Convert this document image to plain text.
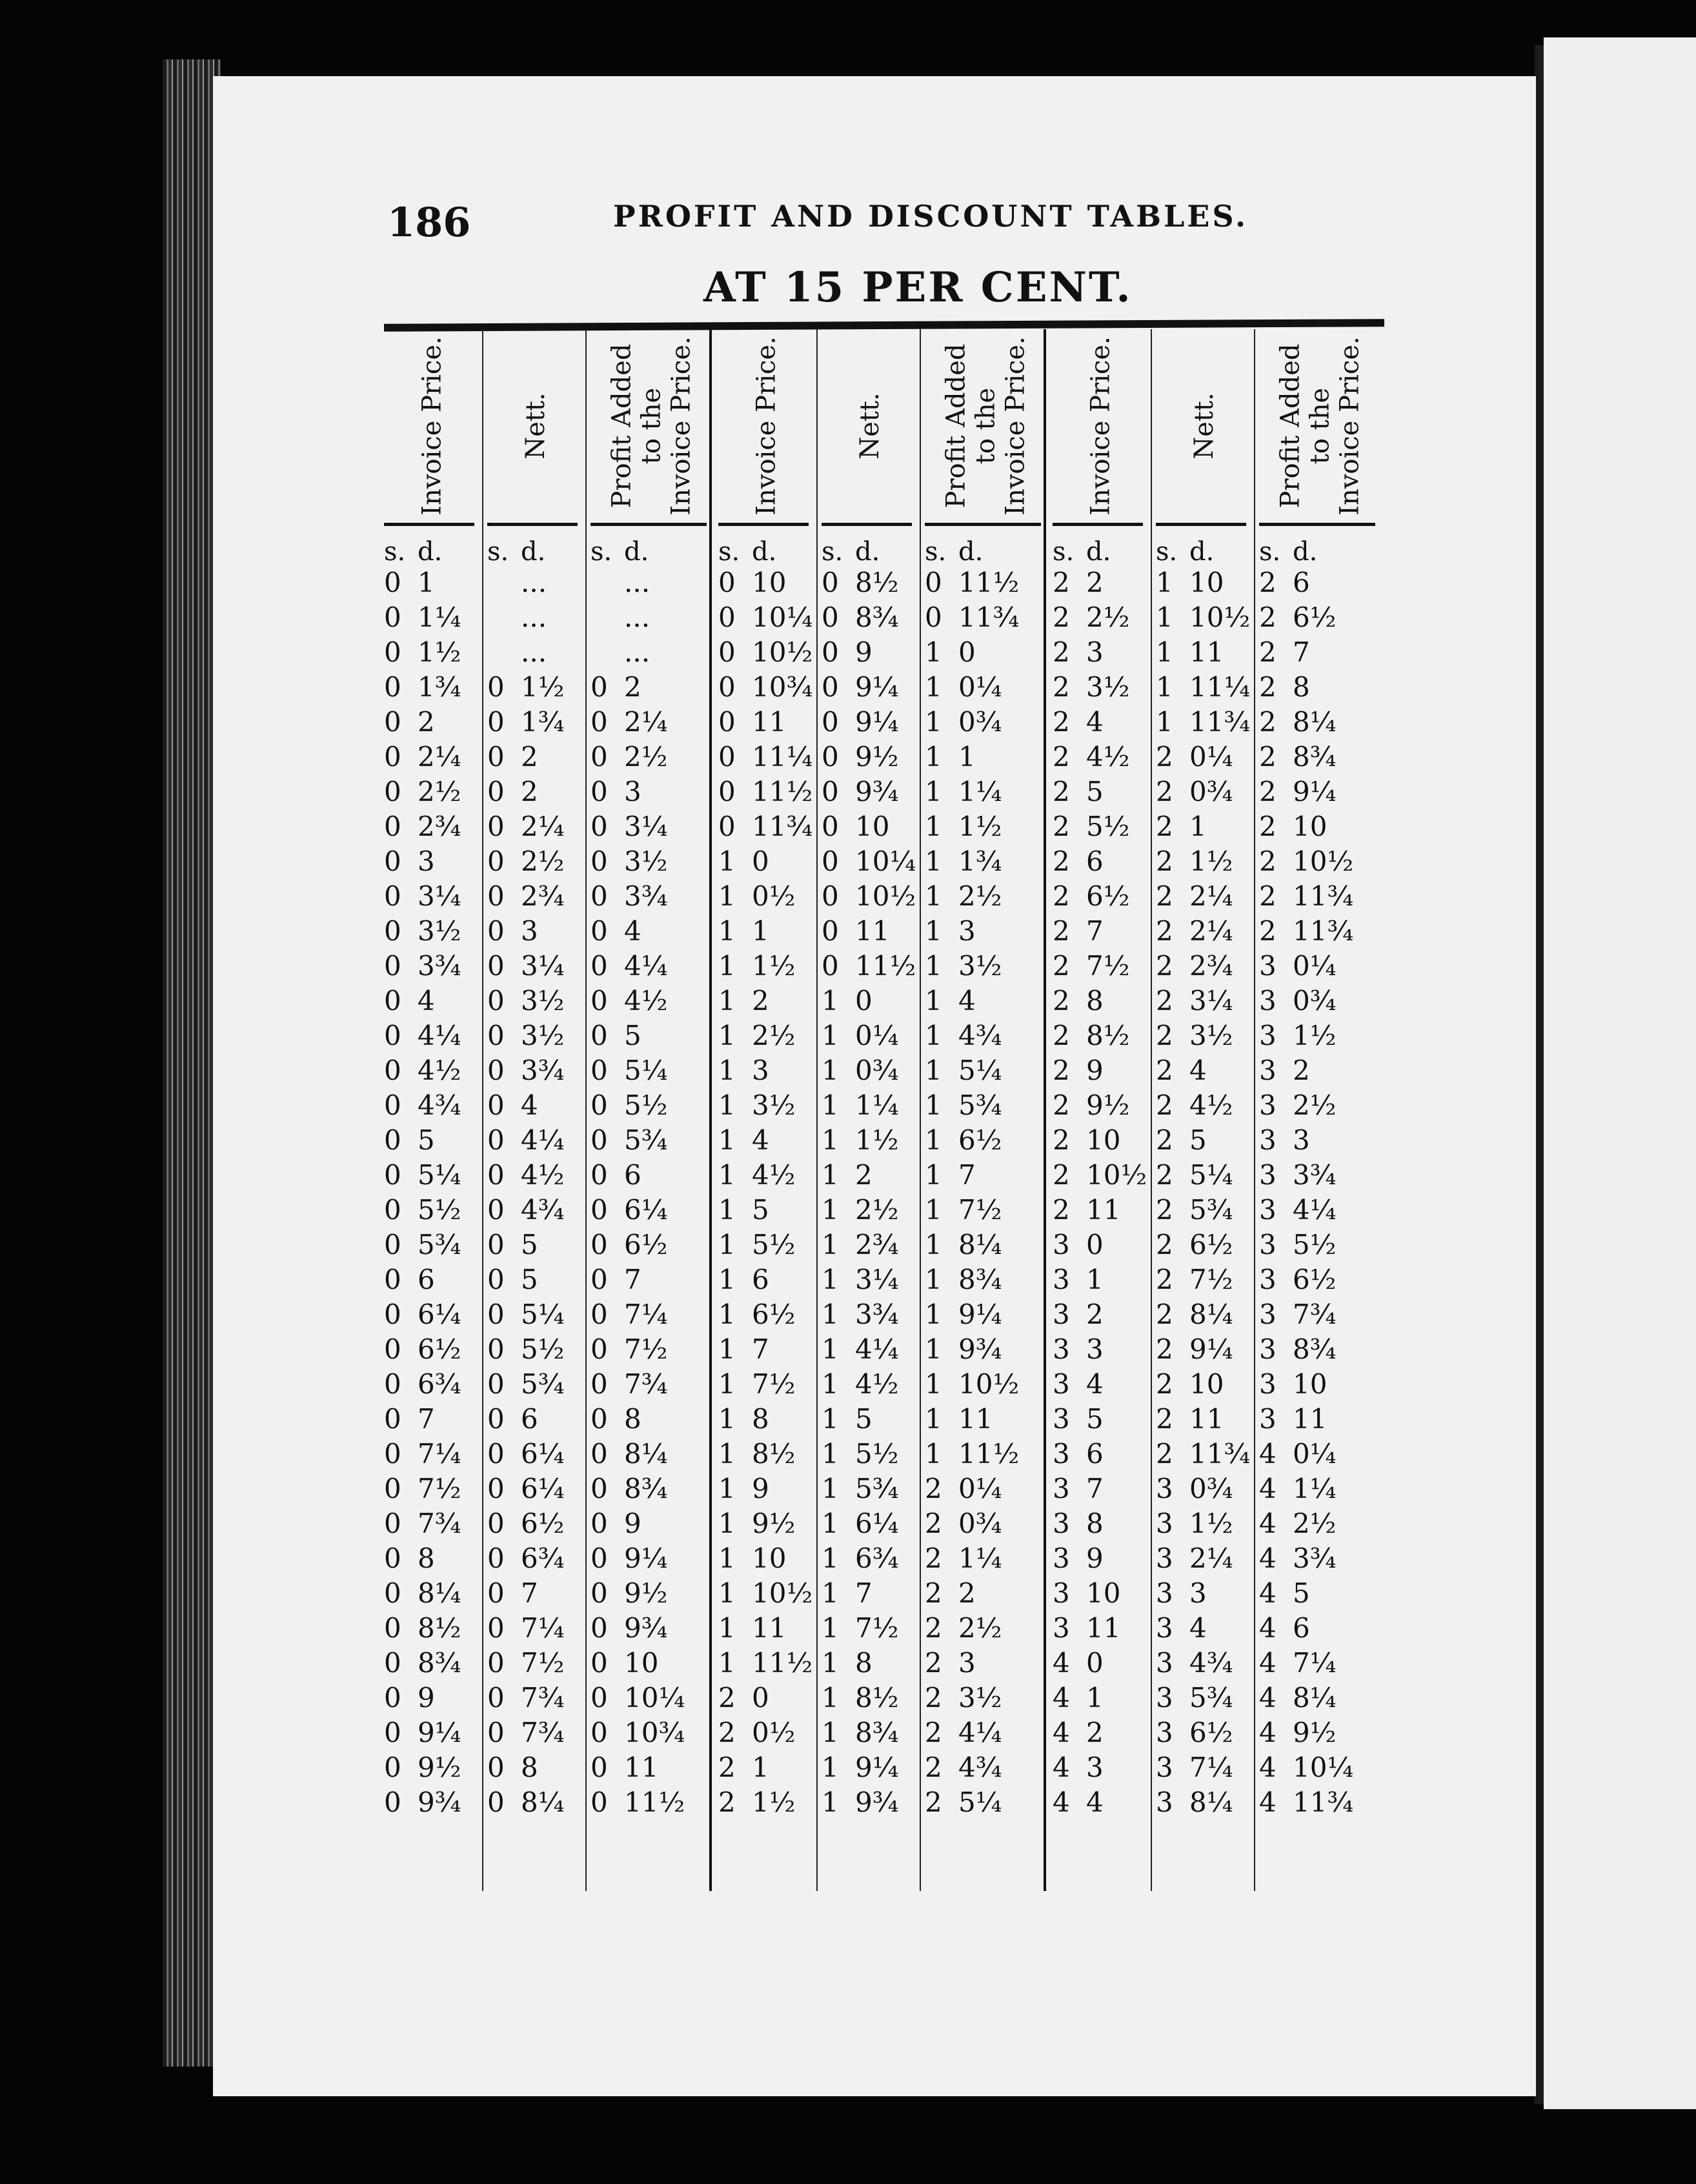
186	PROFIT AND DISCOUNT TABLES.
AT 15 PER CENT.
Invoice Price.
s. d.
0 1
0 1¼
0 1½
0 1¾
0 2
0 2¼
0 2½
0 2¾
0 3
0 3¼
0 3½
0 3¾
0 4
0 4¼
0 4½
0 4¾
0 5
0 5¼
0 5½
0 5¾
0 6
0 6¼
0 6½
0 6¾
0 7
0 7¼
0 7½
0 7¾
0 8
0 8¼
0 8½
0 8¾
0 9
0 9¼
0 9½
0 9¾
Nett.
s. d.
...
...
...
0 1½
0 1¾
0 2
0 2
0 2¼
0 2½
0 2¾
0 3
0 3¼
0 3½
0 3½
0 3¾
0 4
0 4¼
0 4½
0 4¾
0 5
0 5
0 5¼
0 5½
0 5¾
0 6
0 6¼
0 6¼
0 6½
0 6¾
0 7
0 7¼
0 7½
0 7¾
0 7¾
0 8
0 8¼
Profit Added
to the
Invoice Price.
s. d.
...
...
...
0 2
0 2¼
0 2½
0 3
0 3¼
0 3½
0 3¾
0 4
0 4¼
0 4½
0 5
0 5¼
0 5½
0 5¾
0 6
0 6¼
0 6½
0 7
0 7¼
0 7½
0 7¾
0 8
0 8¼
0 8¾
0 9
0 9¼
0 9½
0 9¾
0 10
0 10¼
0 10¾
0 11
0 11½
Invoice Price.
s. d.
0 10
0 10¼
0 10½
0 10¾
0 11
0 11¼
0 11½
0 11¾
1 0
1 0½
1 1
1 1½
1 2
1 2½
1 3
1 3½
1 4
1 4½
1 5
1 5½
1 6
1 6½
1 7
1 7½
1 8
1 8½
1 9
1 9½
1 10
1 10½
1 11
1 11½
2 0
2 0½
2 1
2 1½
Nett.
s. d.
0 8½
0 8¾
0 9
0 9¼
0 9¼
0 9½
0 9¾
0 10
0 10¼
0 10½
0 11
0 11½
1 0
1 0¼
1 0¾
1 1¼
1 1½
1 2
1 2½
1 2¾
1 3¼
1 3¾
1 4¼
1 4½
1 5
1 5½
1 5¾
1 6¼
1 6¾
1 7
1 7½
1 8
1 8½
1 8¾
1 9¼
1 9¾
Profit Added
to the
Invoice Price.
s. d.
0 11½
0 11¾
1 0
1 0¼
1 0¾
1 1
1 1¼
1 1½
1 1¾
1 2½
1 3
1 3½
1 4
1 4¾
1 5¼
1 5¾
1 6½
1 7
1 7½
1 8¼
1 8¾
1 9¼
1 9¾
1 10½
1 11
1 11½
2 0¼
2 0¾
2 1¼
2 2
2 2½
2 3
2 3½
2 4¼
2 4¾
2 5¼
Invoice Price.
s. d.
2 2
2 2½
2 3
2 3½
2 4
2 4½
2 5
2 5½
2 6
2 6½
2 7
2 7½
2 8
2 8½
2 9
2 9½
2 10
2 10½
2 11
3 0
3 1
3 2
3 3
3 4
3 5
3 6
3 7
3 8
3 9
3 10
3 11
4 0
4 1
4 2
4 3
4 4
Nett.
s. d.
1 10
1 10½
1 11
1 11¼
1 11¾
2 0¼
2 0¾
2 1
2 1½
2 2¼
2 2¼
2 2¾
2 3¼
2 3½
2 4
2 4½
2 5
2 5¼
2 5¾
2 6½
2 7½
2 8¼
2 9¼
2 10
2 11
2 11¾
3 0¾
3 1½
3 2¼
3 3
3 4
3 4¾
3 5¾
3 6½
3 7¼
3 8¼
Profit Added
to the
Invoice Price.
s. d.
2 6
2 6½
2 7
2 8
2 8¼
2 8¾
2 9¼
2 10
2 10½
2 11¾
2 11¾
3 0¼
3 0¾
3 1½
3 2
3 2½
3 3
3 3¾
3 4¼
3 5½
3 6½
3 7¾
3 8¾
3 10
3 11
4 0¼
4 1¼
4 2½
4 3¾
4 5
4 6
4 7¼
4 8¼
4 9½
4 10¼
4 11¾
